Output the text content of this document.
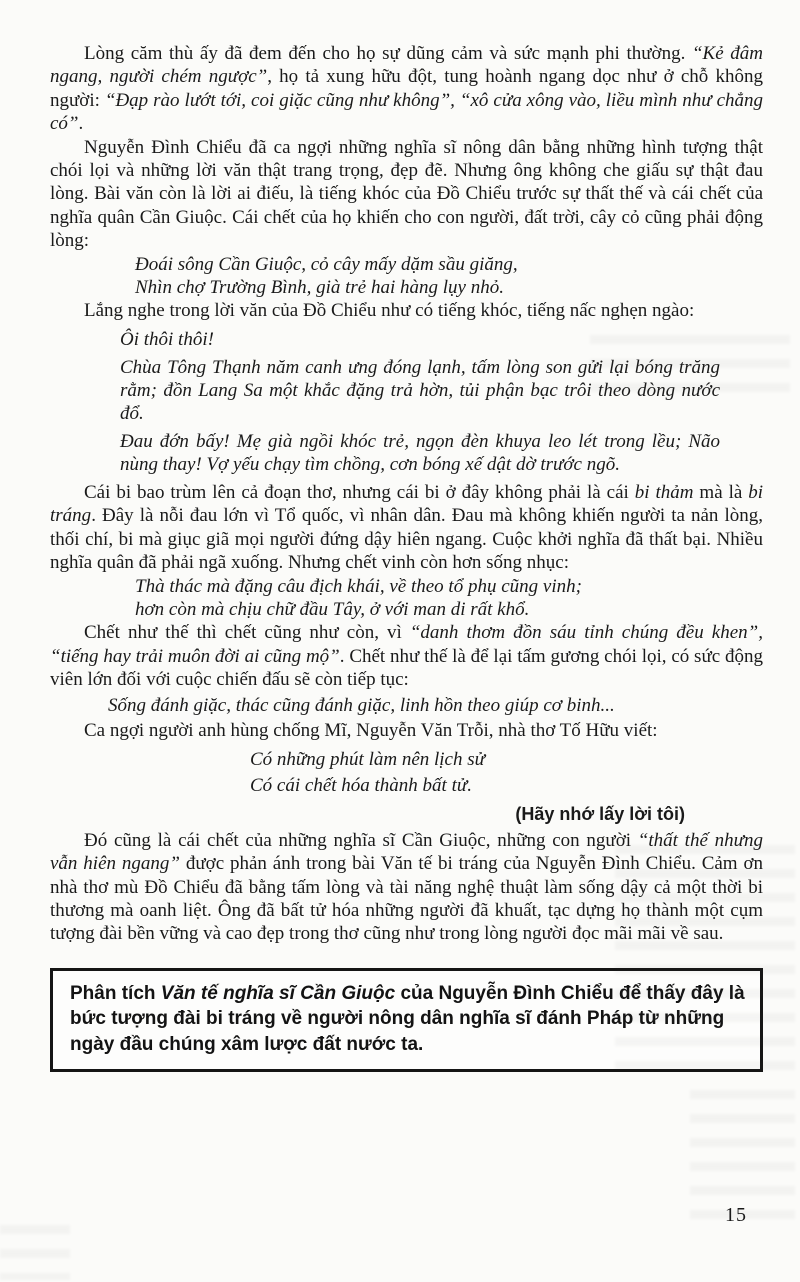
Lòng căm thù ấy đã đem đến cho họ sự dũng cảm và sức mạnh phi thường. “Kẻ đâm ngang, người chém ngược”, họ tả xung hữu đột, tung hoành ngang dọc như ở chỗ không người: “Đạp rào lướt tới, coi giặc cũng như không”, “xô cửa xông vào, liều mình như chẳng có”.
Nguyễn Đình Chiểu đã ca ngợi những nghĩa sĩ nông dân bằng những hình tượng thật chói lọi và những lời văn thật trang trọng, đẹp đẽ. Nhưng ông không che giấu sự thật đau lòng. Bài văn còn là lời ai điếu, là tiếng khóc của Đồ Chiểu trước sự thất thế và cái chết của nghĩa quân Cần Giuộc. Cái chết của họ khiến cho con người, đất trời, cây cỏ cũng phải động lòng:
Đoái sông Cần Giuộc, cỏ cây mấy dặm sầu giăng,
Nhìn chợ Trường Bình, già trẻ hai hàng lụy nhỏ.
Lắng nghe trong lời văn của Đồ Chiểu như có tiếng khóc, tiếng nấc nghẹn ngào:
Ôi thôi thôi!
Chùa Tông Thạnh năm canh ưng đóng lạnh, tấm lòng son gửi lại bóng trăng rằm; đồn Lang Sa một khắc đặng trả hờn, tủi phận bạc trôi theo dòng nước đổ.
Đau đớn bấy! Mẹ già ngồi khóc trẻ, ngọn đèn khuya leo lét trong lều; Não nùng thay! Vợ yếu chạy tìm chồng, cơn bóng xế dật dờ trước ngõ.
Cái bi bao trùm lên cả đoạn thơ, nhưng cái bi ở đây không phải là cái bi thảm mà là bi tráng. Đây là nỗi đau lớn vì Tổ quốc, vì nhân dân. Đau mà không khiến người ta nản lòng, thối chí, bi mà giục giã mọi người đứng dậy hiên ngang. Cuộc khởi nghĩa đã thất bại. Nhiều nghĩa quân đã phải ngã xuống. Nhưng chết vinh còn hơn sống nhục:
Thà thác mà đặng câu địch khái, về theo tổ phụ cũng vinh;
hơn còn mà chịu chữ đầu Tây, ở với man di rất khổ.
Chết như thế thì chết cũng như còn, vì “danh thơm đồn sáu tỉnh chúng đều khen”, “tiếng hay trải muôn đời ai cũng mộ”. Chết như thế là để lại tấm gương chói lọi, có sức động viên lớn đối với cuộc chiến đấu sẽ còn tiếp tục:
Sống đánh giặc, thác cũng đánh giặc, linh hồn theo giúp cơ binh...
Ca ngợi người anh hùng chống Mĩ, Nguyễn Văn Trỗi, nhà thơ Tố Hữu viết:
Có những phút làm nên lịch sử
Có cái chết hóa thành bất tử.
(Hãy nhớ lấy lời tôi)
Đó cũng là cái chết của những nghĩa sĩ Cần Giuộc, những con người “thất thế nhưng vẫn hiên ngang” được phản ánh trong bài Văn tế bi tráng của Nguyễn Đình Chiểu. Cảm ơn nhà thơ mù Đồ Chiểu đã bằng tấm lòng và tài năng nghệ thuật làm sống dậy cả một thời bi thương mà oanh liệt. Ông đã bất tử hóa những người đã khuất, tạc dựng họ thành một cụm tượng đài bền vững và cao đẹp trong thơ cũng như trong lòng người đọc mãi mãi về sau.
Phân tích Văn tế nghĩa sĩ Cần Giuộc của Nguyễn Đình Chiểu để thấy đây là bức tượng đài bi tráng về người nông dân nghĩa sĩ đánh Pháp từ những ngày đầu chúng xâm lược đất nước ta.
15
